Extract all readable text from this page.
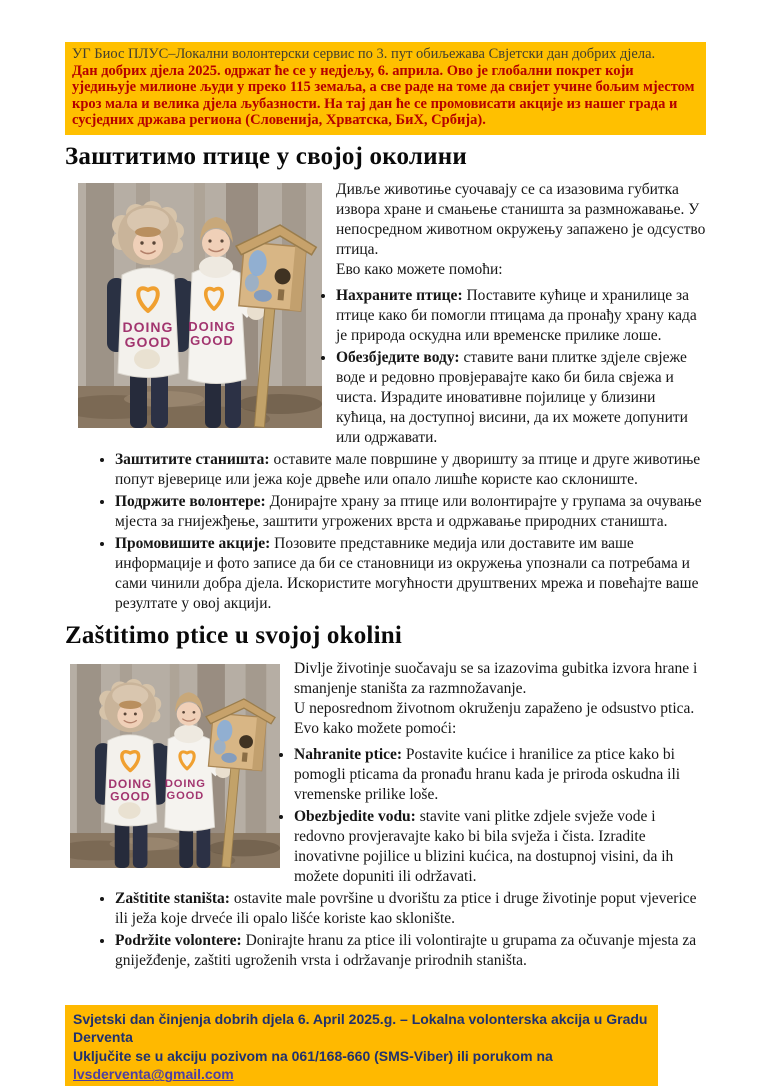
УГ Биос ПЛУС–Локални волонтерски сервис по 3. пут обиљежава Свјетски дан добрих дјела.
Дан добрих дјела 2025. одржат ће се у недјељу, 6. априла. Ово је глобални покрет који уједињује милионе људи у преко 115 земаља, а све раде на томе да свијет учине бољим мјестом кроз мала и велика дјела љубазности. На тај дан ће се промовисати акције из нашег града и сусједних држава региона (Словенија, Хрватска, БиХ, Србија).
Заштитимо птице у својој околини

Дивље животиње суочавају се са изазовима губитка извора хране и смањење станишта за размножавање. У непосредном животном окружењу запажено је одсуство птица.

Ево како можете помоћи:

• Нахраните птице: Поставите кућице и хранилице за птице како би помогли птицама да пронађу храну када је природа оскудна или временске прилике лоше.
• Обезбједите воду: ставите вани плитке здјеле свјеже воде и редовно провјеравајте како би била свјежа и чиста. Израдите иновативне појилице у близини кућица, на доступној висини, да их можете допунити или одржавати.
• Заштитите станишта: оставите мале површине у дворишту за птице и друге животиње попут вјеверице или јежа које дрвеће или опало лишће користе као склониште.
• Подржите волонтере: Донирајте храну за птице или волонтирајте у групама за очување мјеста за гнијежђење, заштити угрожених врста и одржавање природних станишта.
• Промовишите акције: Позовите представнике медија или доставите им ваше информације и фото записе да би се становници из окружења упознали са потребама и сами чинили добра дјела. Искористите могућности друштвених мрежа и повећајте ваше резултате у овој акцији.
Zaštitimo ptice u svojoj okolini

Divlje životinje suočavaju se sa izazovima gubitka izvora hrane i smanjenje staništa za razmnožavanje.

U neposrednom životnom okruženju zapaženo je odsustvo ptica. Evo kako možete pomoći:

• Nahranite ptice: Postavite kućice i hranilice za ptice kako bi pomogli pticama da pronađu hranu kada je priroda oskudna ili vremenske prilike loše.
• Obezbjedite vodu: stavite vani plitke zdjele svježe vode i redovno provjeravajte kako bi bila svježa i čista. Izradite inovativne pojilice u blizini kućica, na dostupnoj visini, da ih možete dopuniti ili održavati.
• Zaštitite staništa: ostavite male površine u dvorištu za ptice i druge životinje poput vjeverice ili ježa koje drveće ili opalo lišće koriste kao sklonište.
• Podržite volontere: Donirajte hranu za ptice ili volontirajte u grupama za očuvanje mjesta za gniježđenje, zaštiti ugroženih vrsta i održavanje prirodnih staništa.
Svjetski dan činjenja dobrih djela 6. April 2025.g. – Lokalna volonterska akcija u Gradu Derventa
Uključite se u akciju pozivom na 061/168-660 (SMS-Viber) ili porukom na lvsderventa@gmail.com
